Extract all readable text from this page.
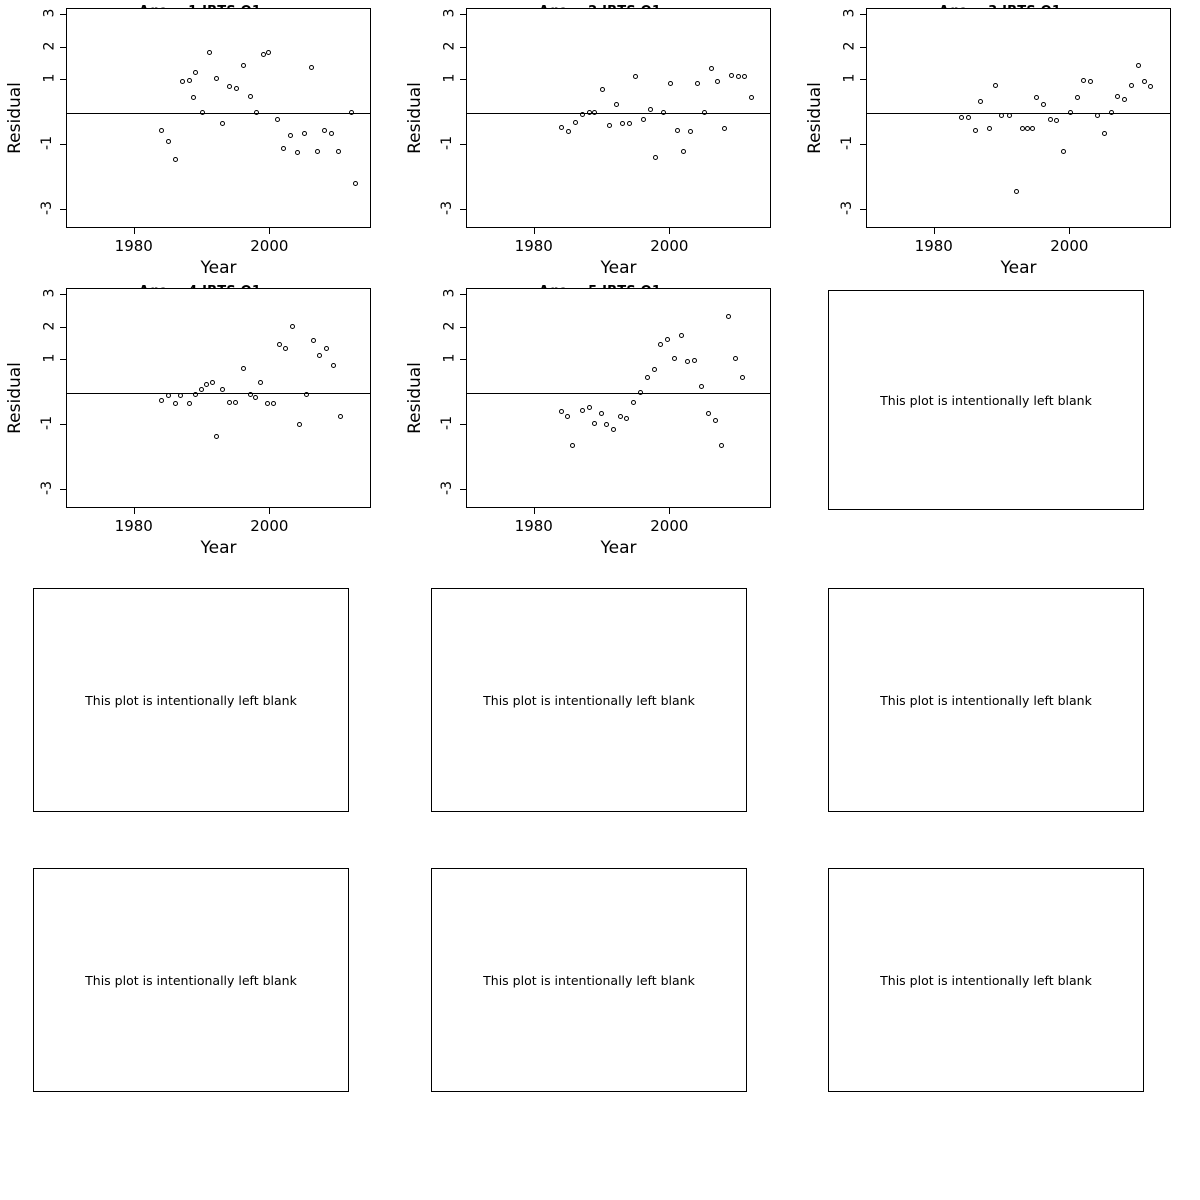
Residual
-3
-1
1
2
3
1980	2000
Year
Residual
-3
-1
1
2
3
1980	2000
Year
Residual
-3
-1
1
2
3
1980	2000
Year
Residual
-3
-1
1
2
3
1980	2000
Year
Residual
-3
-1
1
2
3
1980	2000
Year
This plot is intentionally left blank
This plot is intentionally left blank	This plot is intentionally left blank	This plot is intentionally left blank
This plot is intentionally left blank	This plot is intentionally left blank	This plot is intentionally left blank
